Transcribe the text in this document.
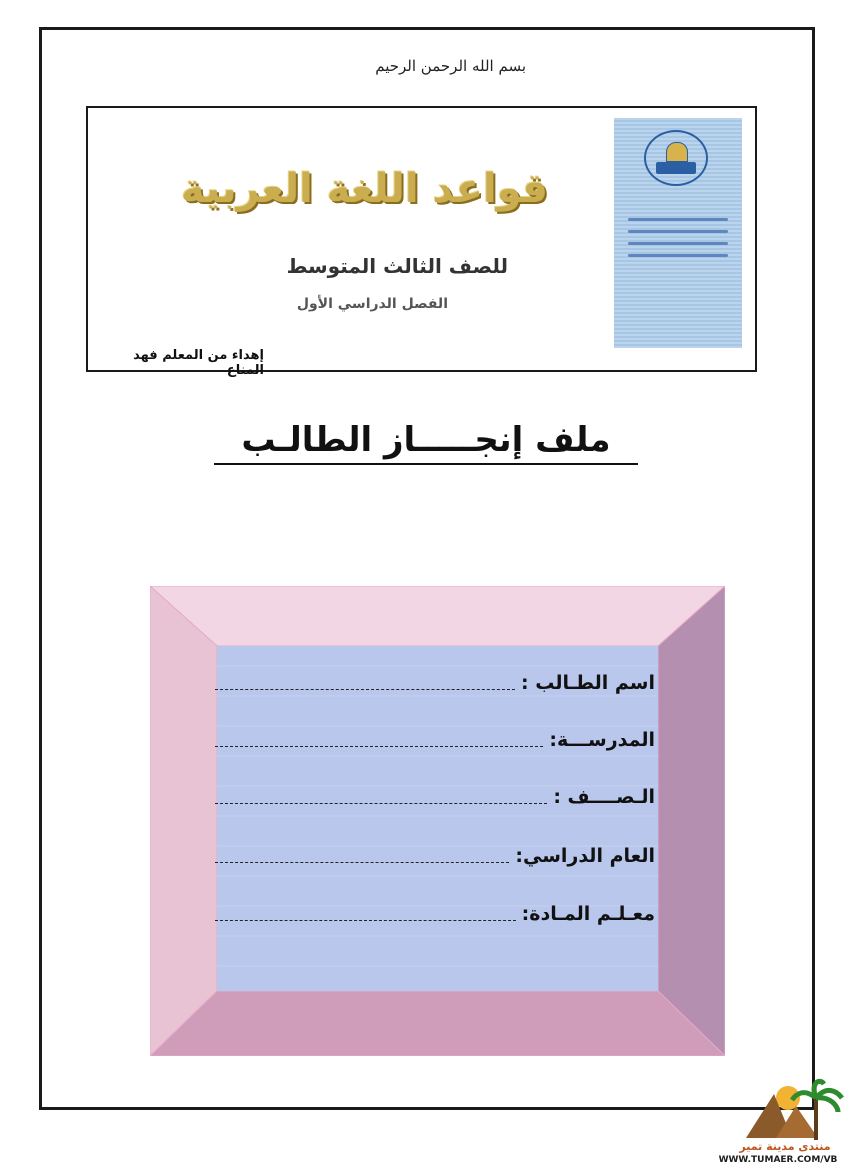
بسم الله الرحمن الرحيم
قواعد اللغة العربية
للصف الثالث المتوسط
الفصل الدراسي الأول
إهداء من المعلم فهد المناع
ملف إنجـــــاز الطالـب
اسم الطـالب :
المدرســـة:
الـصــــف :
العام الدراسي:
معـلـم المـادة:
منتدى مدينة تمير
WWW.TUMAER.COM/VB
